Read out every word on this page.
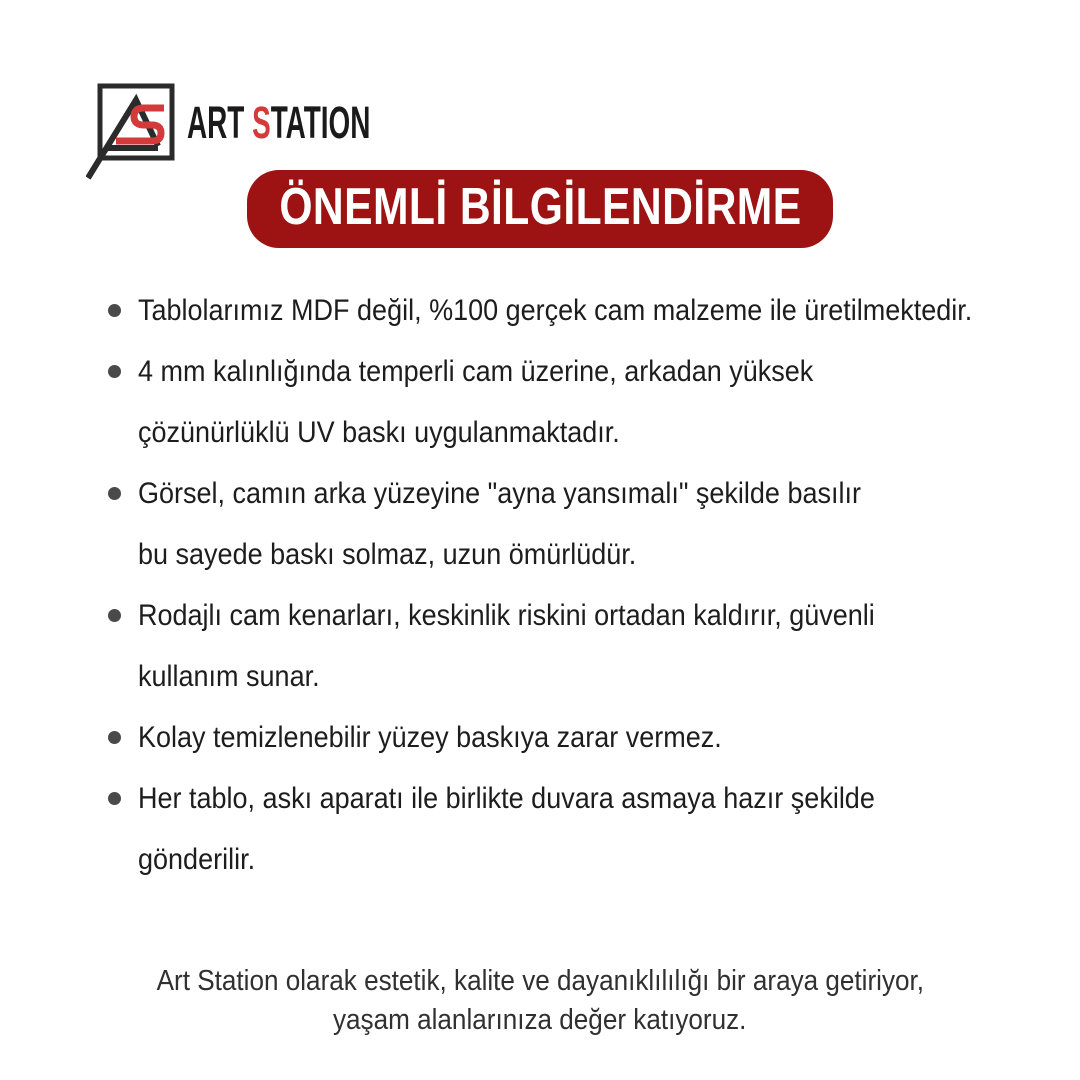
ART STATION
ÖNEMLİ BİLGİLENDİRME
Tablolarımız MDF değil, %100 gerçek cam malzeme ile üretilmektedir.
4 mm kalınlığında temperli cam üzerine, arkadan yüksek
çözünürlüklü UV baskı uygulanmaktadır.
Görsel, camın arka yüzeyine "ayna yansımalı" şekilde basılır
bu sayede baskı solmaz, uzun ömürlüdür.
Rodajlı cam kenarları, keskinlik riskini ortadan kaldırır, güvenli
kullanım sunar.
Kolay temizlenebilir yüzey baskıya zarar vermez.
Her tablo, askı aparatı ile birlikte duvara asmaya hazır şekilde
gönderilir.
Art Station olarak estetik, kalite ve dayanıklılılığı bir araya getiriyor,
yaşam alanlarınıza değer katıyoruz.
